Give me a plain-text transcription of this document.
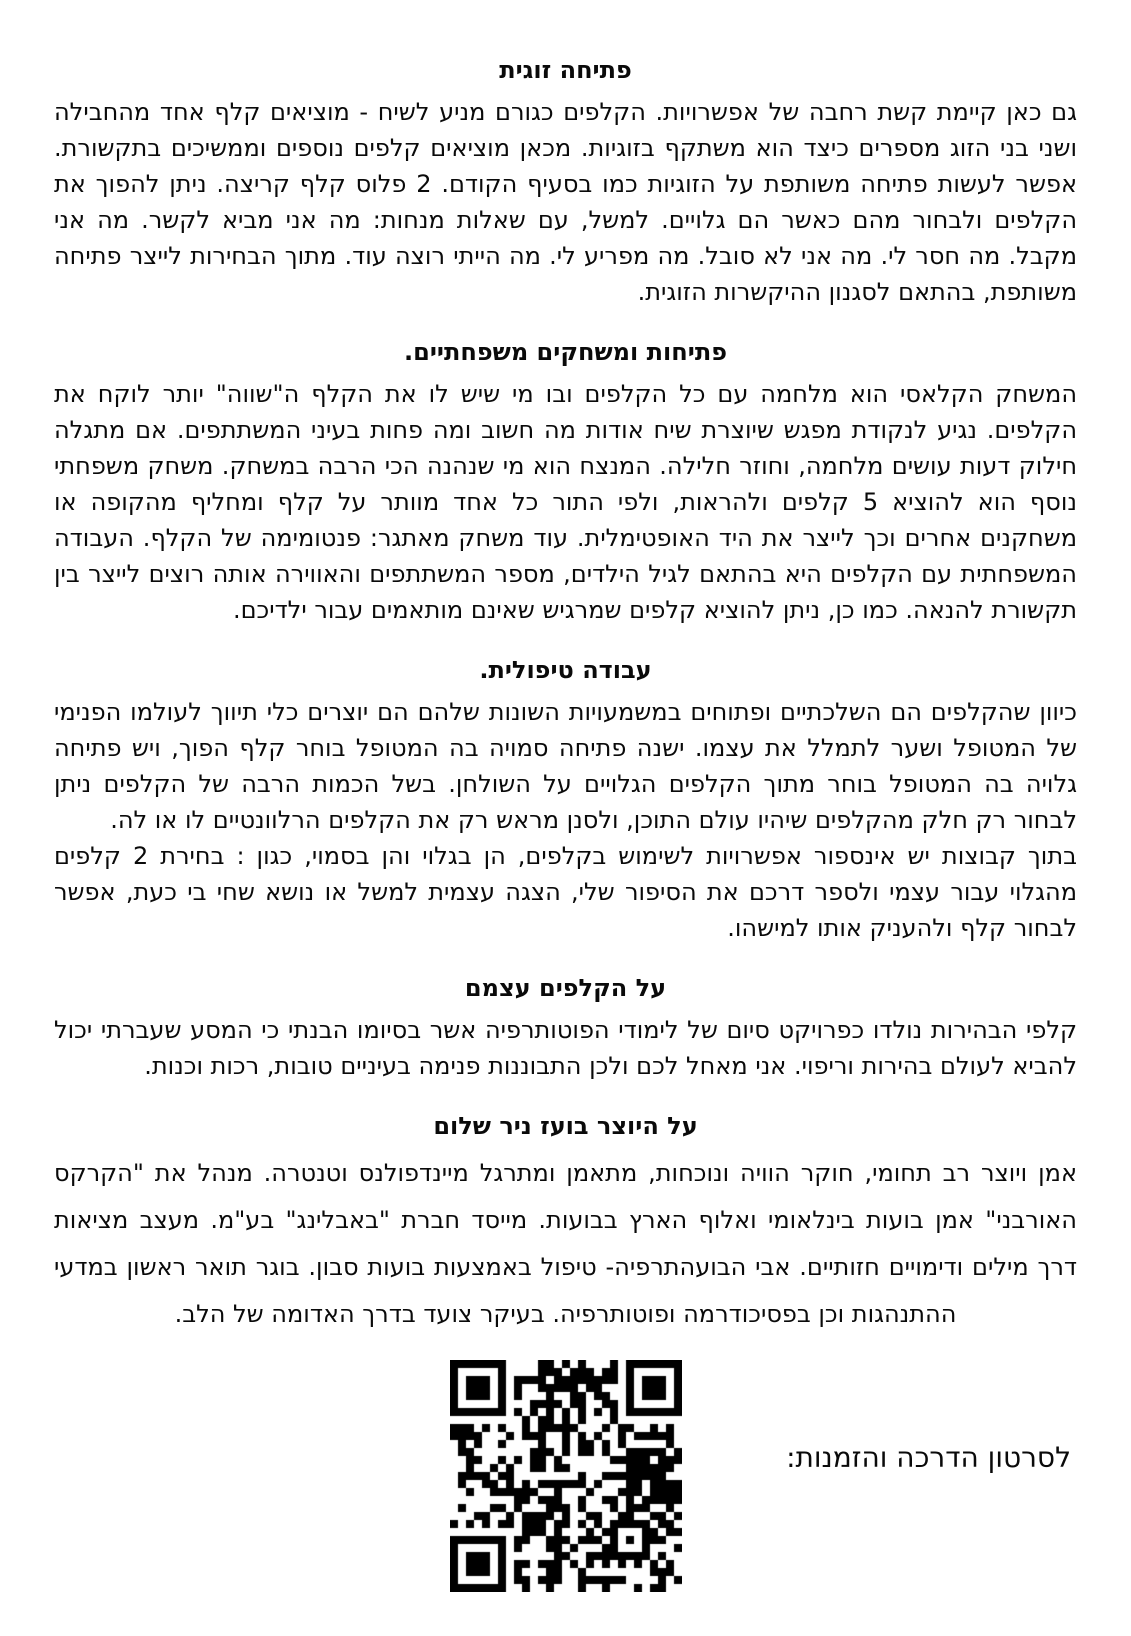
פתיחה זוגית

גם כאן קיימת קשת רחבה של אפשרויות. הקלפים כגורם מניע לשיח - מוציאים קלף אחד מהחבילה ושני בני הזוג מספרים כיצד הוא משתקף בזוגיות. מכאן מוציאים קלפים נוספים וממשיכים בתקשורת. אפשר לעשות פתיחה משותפת על הזוגיות כמו בסעיף הקודם. 2 פלוס קלף קריצה. ניתן להפוך את הקלפים ולבחור מהם כאשר הם גלויים. למשל, עם שאלות מנחות: מה אני מביא לקשר. מה אני מקבל. מה חסר לי. מה אני לא סובל. מה מפריע לי. מה הייתי רוצה עוד. מתוך הבחירות לייצר פתיחה משותפת, בהתאם לסגנון ההיקשרות הזוגית.

פתיחות ומשחקים משפחתיים.

המשחק הקלאסי הוא מלחמה עם כל הקלפים ובו מי שיש לו את הקלף ה"שווה" יותר לוקח את הקלפים. נגיע לנקודת מפגש שיוצרת שיח אודות מה חשוב ומה פחות בעיני המשתתפים. אם מתגלה חילוק דעות עושים מלחמה, וחוזר חלילה. המנצח הוא מי שנהנה הכי הרבה במשחק. משחק משפחתי נוסף הוא להוציא 5 קלפים ולהראות, ולפי התור כל אחד מוותר על קלף ומחליף מהקופה או משחקנים אחרים וכך לייצר את היד האופטימלית. עוד משחק מאתגר: פנטומימה של הקלף. העבודה המשפחתית עם הקלפים היא בהתאם לגיל הילדים, מספר המשתתפים והאווירה אותה רוצים לייצר בין תקשורת להנאה. כמו כן, ניתן להוציא קלפים שמרגיש שאינם מותאמים עבור ילדיכם.

עבודה טיפולית.

כיוון שהקלפים הם השלכתיים ופתוחים במשמעויות השונות שלהם הם יוצרים כלי תיווך לעולמו הפנימי של המטופל ושער לתמלל את עצמו. ישנה פתיחה סמויה בה המטופל בוחר קלף הפוך, ויש פתיחה גלויה בה המטופל בוחר מתוך הקלפים הגלויים על השולחן. בשל הכמות הרבה של הקלפים ניתן לבחור רק חלק מהקלפים שיהיו עולם התוכן, ולסנן מראש רק את הקלפים הרלוונטיים לו או לה.

בתוך קבוצות יש אינספור אפשרויות לשימוש בקלפים, הן בגלוי והן בסמוי, כגון : בחירת 2 קלפים מהגלוי עבור עצמי ולספר דרכם את הסיפור שלי, הצגה עצמית למשל או נושא שחי בי כעת, אפשר לבחור קלף ולהעניק אותו למישהו.

על הקלפים עצמם

קלפי הבהירות נולדו כפרויקט סיום של לימודי הפוטותרפיה אשר בסיומו הבנתי כי המסע שעברתי יכול להביא לעולם בהירות וריפוי. אני מאחל לכם ולכן התבוננות פנימה בעיניים טובות, רכות וכנות.

על היוצר בועז ניר שלום

אמן ויוצר רב תחומי, חוקר הוויה ונוכחות, מתאמן ומתרגל מיינדפולנס וטנטרה. מנהל את "הקרקס האורבני" אמן בועות בינלאומי ואלוף הארץ בבועות. מייסד חברת "באבלינג" בע"מ. מעצב מציאות דרך מילים ודימויים חזותיים. אבי הבועהתרפיה- טיפול באמצעות בועות סבון. בוגר תואר ראשון במדעי ההתנהגות וכן בפסיכודרמה ופוטותרפיה. בעיקר צועד בדרך האדומה של הלב.

לסרטון הדרכה והזמנות:
